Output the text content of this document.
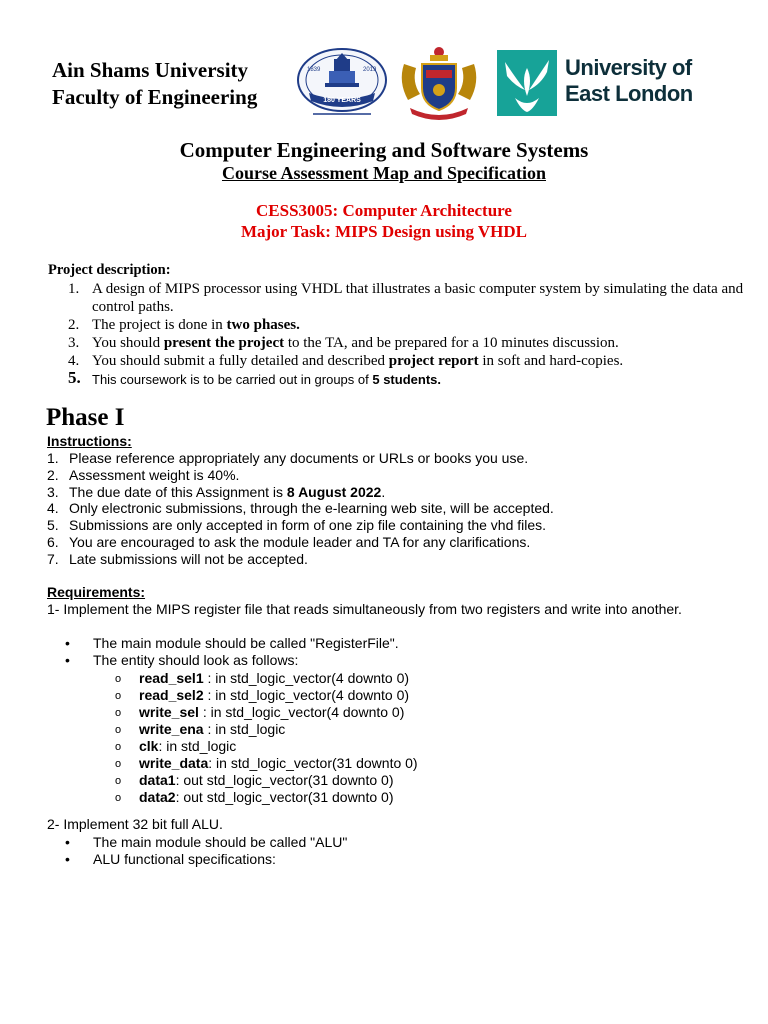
Ain Shams University
Faculty of Engineering
1839	2019
180 YEARS
University of
East London
Computer Engineering and Software Systems
Course Assessment Map and Specification
CESS3005: Computer Architecture
Major Task: MIPS Design using VHDL
Project description:
1. A design of MIPS processor using VHDL that illustrates a basic computer system by simulating the data and control paths.
2. The project is done in two phases.
3. You should present the project to the TA, and be prepared for a 10 minutes discussion.
4. You should submit a fully detailed and described project report in soft and hard-copies.
5. This coursework is to be carried out in groups of 5 students.
Phase I
Instructions:
1. Please reference appropriately any documents or URLs or books you use.
2. Assessment weight is 40%.
3. The due date of this Assignment is 8 August 2022.
4. Only electronic submissions, through the e-learning web site, will be accepted.
5. Submissions are only accepted in form of one zip file containing the vhd files.
6. You are encouraged to ask the module leader and TA for any clarifications.
7. Late submissions will not be accepted.
Requirements:
1- Implement the MIPS register file that reads simultaneously from two registers and write into another.
• The main module should be called "RegisterFile".
• The entity should look as follows:
o read_sel1 : in std_logic_vector(4 downto 0)
o read_sel2 : in std_logic_vector(4 downto 0)
o write_sel : in std_logic_vector(4 downto 0)
o write_ena : in std_logic
o clk: in std_logic
o write_data: in std_logic_vector(31 downto 0)
o data1: out std_logic_vector(31 downto 0)
o data2: out std_logic_vector(31 downto 0)
2- Implement 32 bit full ALU.
• The main module should be called "ALU"
• ALU functional specifications:
